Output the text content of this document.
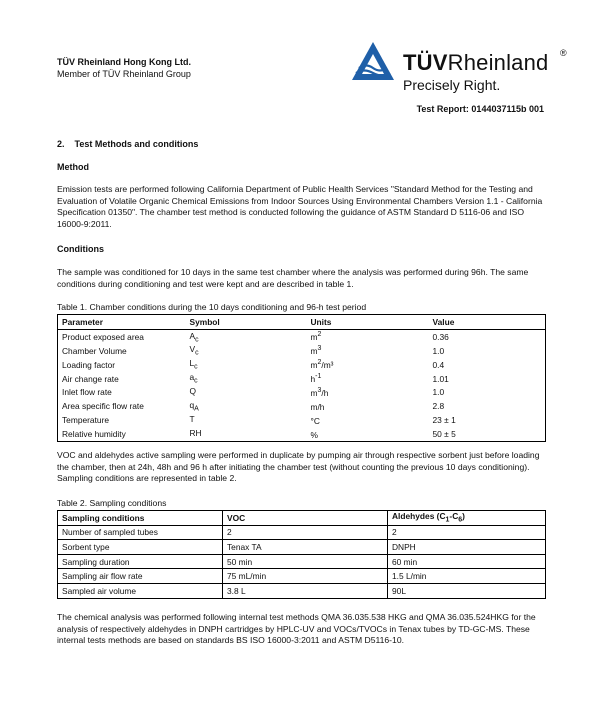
TÜV Rheinland Hong Kong Ltd.
Member of TÜV Rheinland Group	TÜVRheinland ®
Precisely Right.
Test Report: 0144037115b 001
2.    Test Methods and conditions
Method
Emission tests are performed following California Department of Public Health Services "Standard Method for the Testing and Evaluation of Volatile Organic Chemical Emissions from Indoor Sources Using Environmental Chambers Version 1.1 - California Specification 01350". The chamber test method is conducted following the guidance of ASTM Standard D 5116-06 and ISO 16000-9:2011.
Conditions
The sample was conditioned for 10 days in the same test chamber where the analysis was performed during 96h. The same conditions during conditioning and test were kept and are described in table 1.
Table 1. Chamber conditions during the 10 days conditioning and 96-h test period
Parameter	Symbol	Units	Value
Product exposed area	$A_c$	$m^2$	0.36
Chamber Volume	$V_c$	$m^3$	1.0
Loading factor	$L_c$	$m^2/m^3$	0.4
Air change rate	$a_c$	$h^{-1}$	1.01
Inlet flow rate	Q	$m^3/h$	1.0
Area specific flow rate	$q_A$	m/h	2.8
Temperature	T	°C	23 ± 1
Relative humidity	RH	%	50 ± 5
VOC and aldehydes active sampling were performed in duplicate by pumping air through respective sorbent just before loading the chamber, then at 24h, 48h and 96 h after initiating the chamber test (without counting the previous 10 days conditioning). Sampling conditions are represented in table 2.
Table 2. Sampling conditions
Sampling conditions	VOC	Aldehydes $(C_1-C_6)$
Number of sampled tubes	2	2
Sorbent type	Tenax TA	DNPH
Sampling duration	50 min	60 min
Sampling air flow rate	75 mL/min	1.5 L/min
Sampled air volume	3.8 L	90L
The chemical analysis was performed following internal test methods QMA 36.035.538 HKG and QMA 36.035.524HKG for the analysis of respectively aldehydes in DNPH cartridges by HPLC-UV and VOCs/TVOCs in Tenax tubes by TD-GC-MS. These internal tests methods are based on standards BS ISO 16000-3:2011 and ASTM D5116-10.
